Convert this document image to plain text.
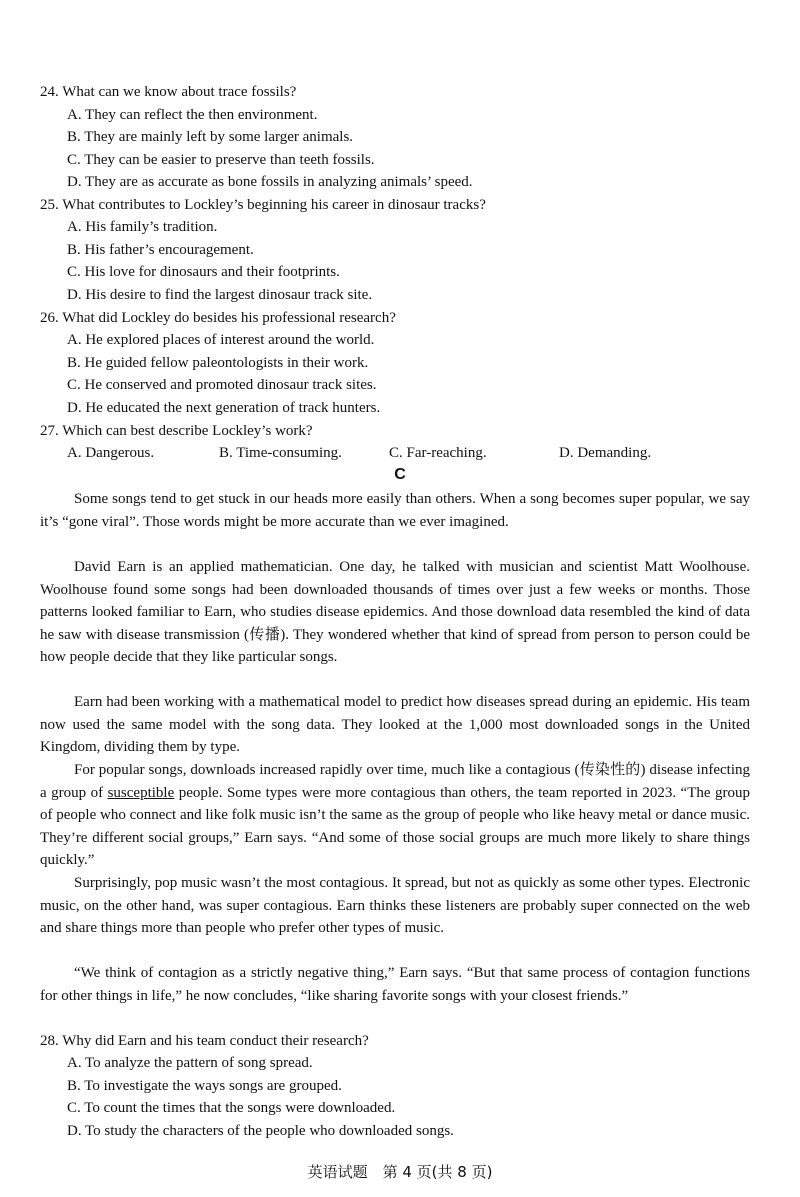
24. What can we know about trace fossils?
A. They can reflect the then environment.
B. They are mainly left by some larger animals.
C. They can be easier to preserve than teeth fossils.
D. They are as accurate as bone fossils in analyzing animals’ speed.
25. What contributes to Lockley’s beginning his career in dinosaur tracks?
A. His family’s tradition.
B. His father’s encouragement.
C. His love for dinosaurs and their footprints.
D. His desire to find the largest dinosaur track site.
26. What did Lockley do besides his professional research?
A. He explored places of interest around the world.
B. He guided fellow paleontologists in their work.
C. He conserved and promoted dinosaur track sites.
D. He educated the next generation of track hunters.
27. Which can best describe Lockley’s work?
A. Dangerous.	B. Time-consuming.	C. Far-reaching.	D. Demanding.
C
Some songs tend to get stuck in our heads more easily than others. When a song becomes super popular, we say it’s “gone viral”. Those words might be more accurate than we ever imagined.
David Earn is an applied mathematician. One day, he talked with musician and scientist Matt Woolhouse. Woolhouse found some songs had been downloaded thousands of times over just a few weeks or months. Those patterns looked familiar to Earn, who studies disease epidemics. And those download data resembled the kind of data he saw with disease transmission (传播). They wondered whether that kind of spread from person to person could be how people decide that they like particular songs.
Earn had been working with a mathematical model to predict how diseases spread during an epidemic. His team now used the same model with the song data. They looked at the 1,000 most downloaded songs in the United Kingdom, dividing them by type.
For popular songs, downloads increased rapidly over time, much like a contagious (传染性的) disease infecting a group of susceptible people. Some types were more contagious than others, the team reported in 2023. “The group of people who connect and like folk music isn’t the same as the group of people who like heavy metal or dance music. They’re different social groups,” Earn says. “And some of those social groups are much more likely to share things quickly.”
Surprisingly, pop music wasn’t the most contagious. It spread, but not as quickly as some other types. Electronic music, on the other hand, was super contagious. Earn thinks these listeners are probably super connected on the web and share things more than people who prefer other types of music.
“We think of contagion as a strictly negative thing,” Earn says. “But that same process of contagion functions for other things in life,” he now concludes, “like sharing favorite songs with your closest friends.”
28. Why did Earn and his team conduct their research?
A. To analyze the pattern of song spread.
B. To investigate the ways songs are grouped.
C. To count the times that the songs were downloaded.
D. To study the characters of the people who downloaded songs.
英语试题　第 4 页(共 8 页)
